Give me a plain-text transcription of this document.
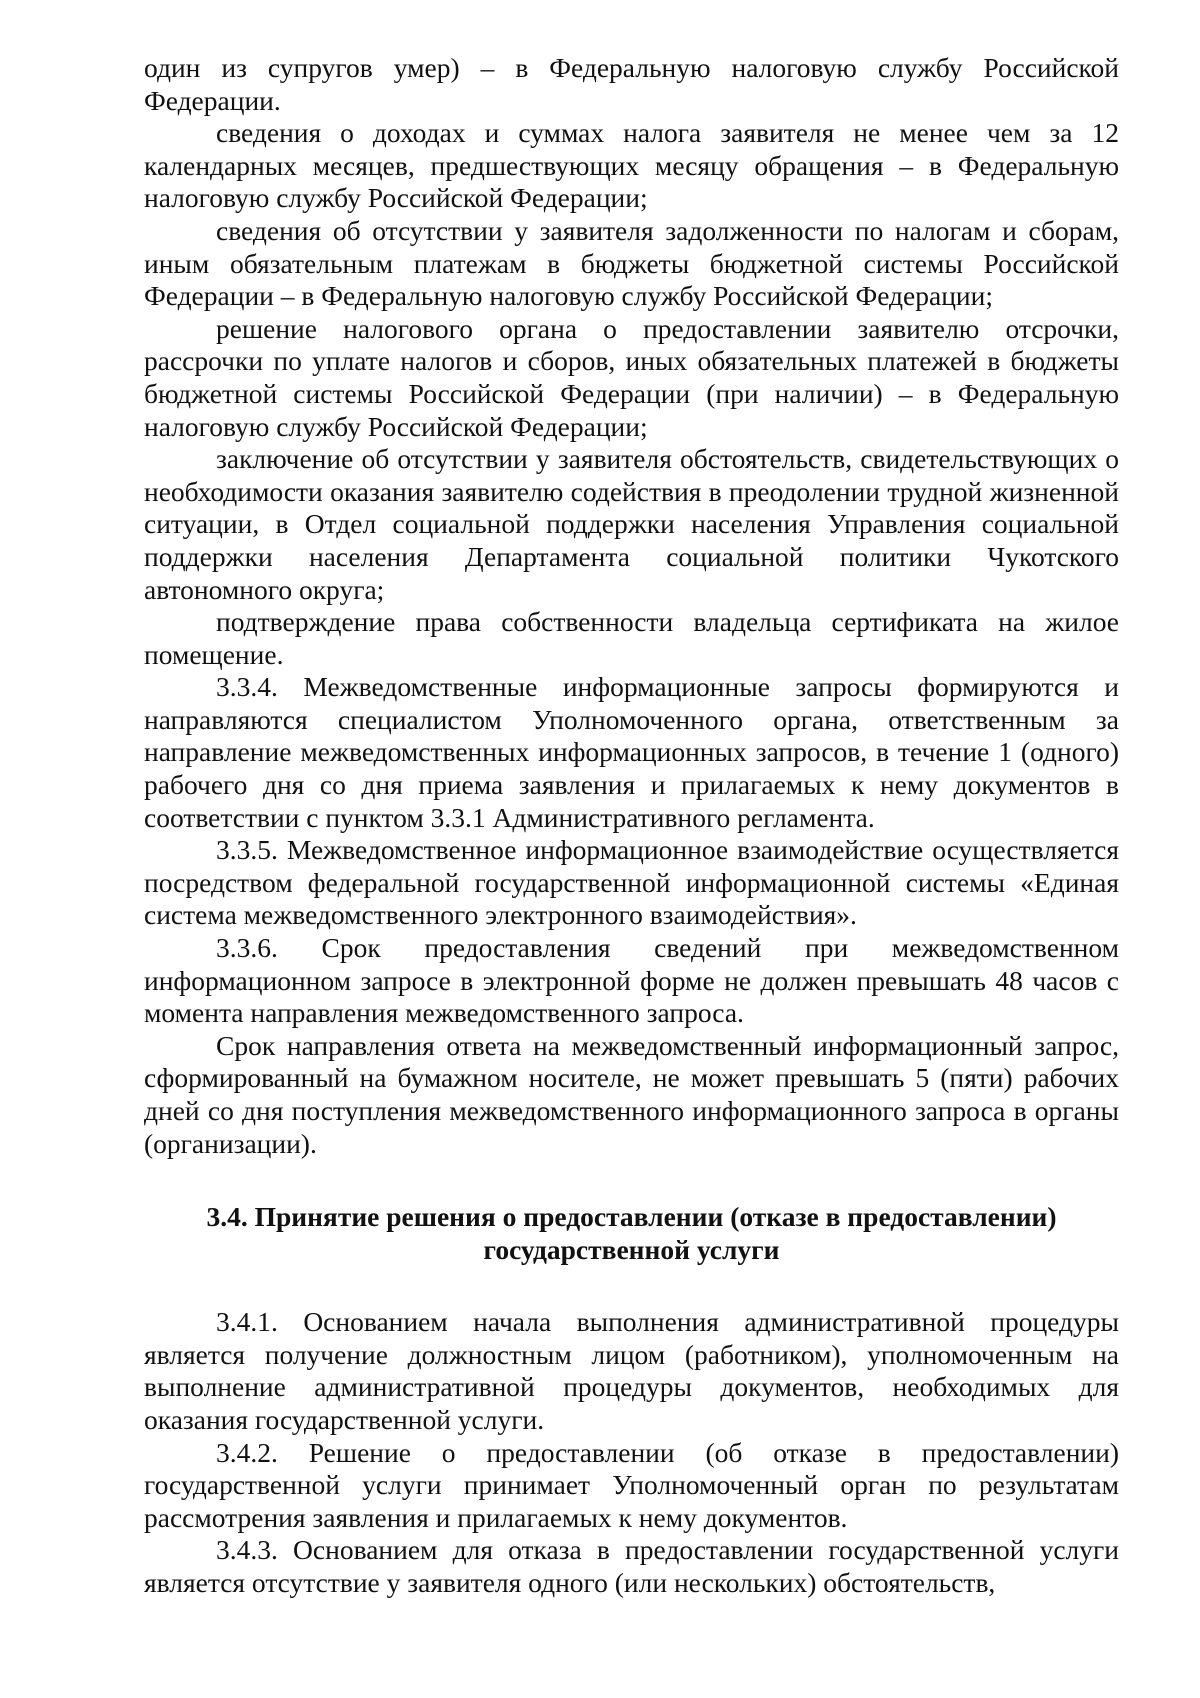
один из супругов умер) – в Федеральную налоговую службу Российской Федерации.

сведения о доходах и суммах налога заявителя не менее чем за 12 календарных месяцев, предшествующих месяцу обращения – в Федеральную налоговую службу Российской Федерации;

сведения об отсутствии у заявителя задолженности по налогам и сборам, иным обязательным платежам в бюджеты бюджетной системы Российской Федерации – в Федеральную налоговую службу Российской Федерации;

решение налогового органа о предоставлении заявителю отсрочки, рассрочки по уплате налогов и сборов, иных обязательных платежей в бюджеты бюджетной системы Российской Федерации (при наличии) – в Федеральную налоговую службу Российской Федерации;

заключение об отсутствии у заявителя обстоятельств, свидетельствующих о необходимости оказания заявителю содействия в преодолении трудной жизненной ситуации, в Отдел социальной поддержки населения Управления социальной поддержки населения Департамента социальной политики Чукотского автономного округа;

подтверждение права собственности владельца сертификата на жилое помещение.

3.3.4. Межведомственные информационные запросы формируются и направляются специалистом Уполномоченного органа, ответственным за направление межведомственных информационных запросов, в течение 1 (одного) рабочего дня со дня приема заявления и прилагаемых к нему документов в соответствии с пунктом 3.3.1 Административного регламента.

3.3.5. Межведомственное информационное взаимодействие осуществляется посредством федеральной государственной информационной системы «Единая система межведомственного электронного взаимодействия».

3.3.6. Срок предоставления сведений при межведомственном информационном запросе в электронной форме не должен превышать 48 часов с момента направления межведомственного запроса.

Срок направления ответа на межведомственный информационный запрос, сформированный на бумажном носителе, не может превышать 5 (пяти) рабочих дней со дня поступления межведомственного информационного запроса в органы (организации).

3.4. Принятие решения о предоставлении (отказе в предоставлении)
государственной услуги

3.4.1. Основанием начала выполнения административной процедуры является получение должностным лицом (работником), уполномоченным на выполнение административной процедуры документов, необходимых для оказания государственной услуги.

3.4.2. Решение о предоставлении (об отказе в предоставлении) государственной услуги принимает Уполномоченный орган по результатам рассмотрения заявления и прилагаемых к нему документов.

3.4.3. Основанием для отказа в предоставлении государственной услуги является отсутствие у заявителя одного (или нескольких) обстоятельств,
